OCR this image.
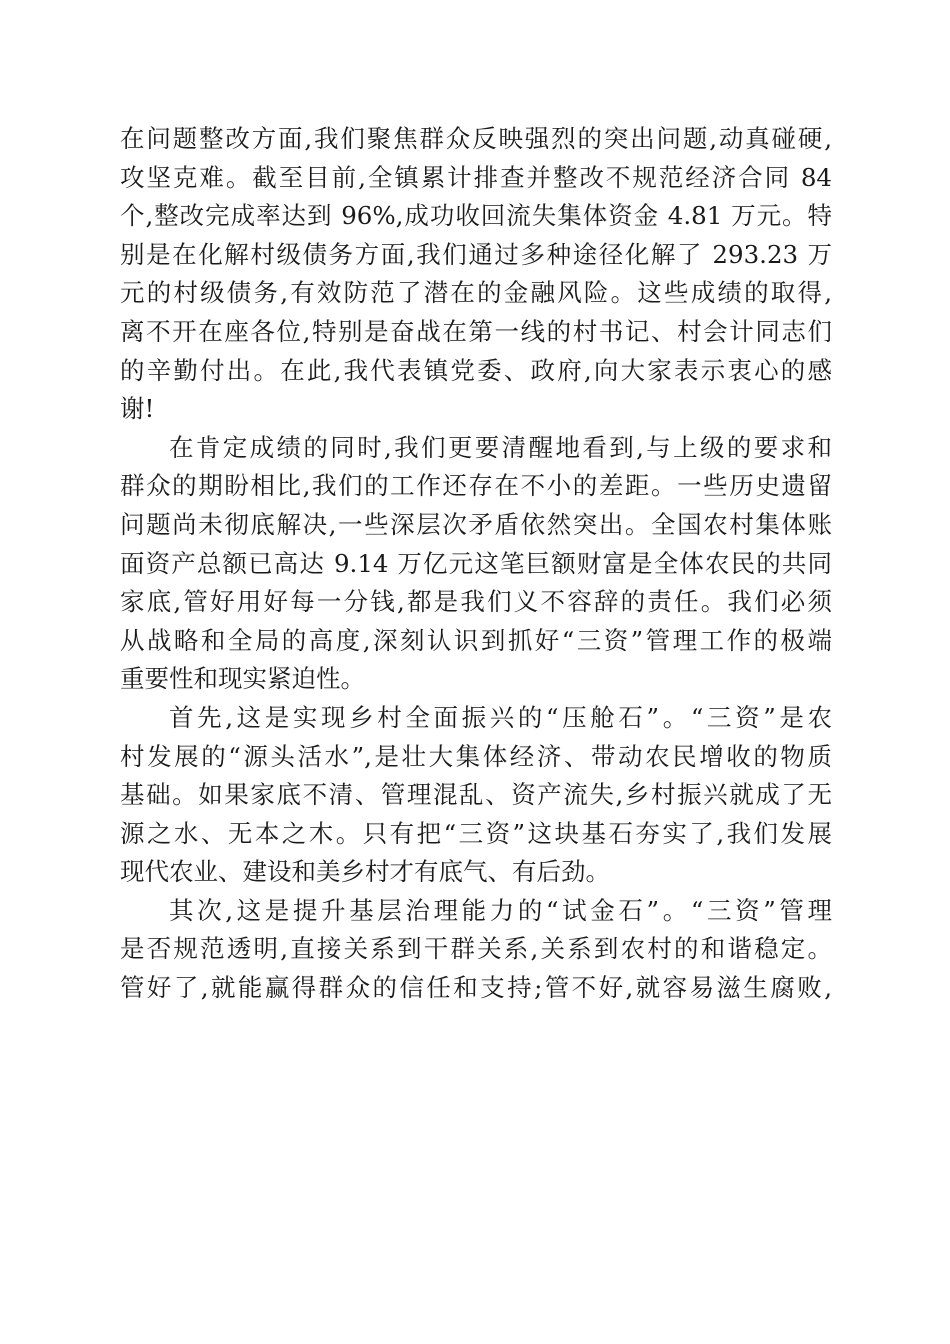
在问题整改方面,我们聚焦群众反映强烈的突出问题,动真碰硬,
攻坚克难。截至目前,全镇累计排查并整改不规范经济合同 84
个,整改完成率达到 96%,成功收回流失集体资金 4.81 万元。特
别是在化解村级债务方面,我们通过多种途径化解了 293.23 万
元的村级债务,有效防范了潜在的金融风险。这些成绩的取得,
离不开在座各位,特别是奋战在第一线的村书记、村会计同志们
的辛勤付出。在此,我代表镇党委、政府,向大家表示衷心的感
谢!
在肯定成绩的同时,我们更要清醒地看到,与上级的要求和
群众的期盼相比,我们的工作还存在不小的差距。一些历史遗留
问题尚未彻底解决,一些深层次矛盾依然突出。全国农村集体账
面资产总额已高达 9.14 万亿元这笔巨额财富是全体农民的共同
家底,管好用好每一分钱,都是我们义不容辞的责任。我们必须
从战略和全局的高度,深刻认识到抓好“三资”管理工作的极端
重要性和现实紧迫性。
首先,这是实现乡村全面振兴的“压舱石”。“三资”是农
村发展的“源头活水”,是壮大集体经济、带动农民增收的物质
基础。如果家底不清、管理混乱、资产流失,乡村振兴就成了无
源之水、无本之木。只有把“三资”这块基石夯实了,我们发展
现代农业、建设和美乡村才有底气、有后劲。
其次,这是提升基层治理能力的“试金石”。“三资”管理
是否规范透明,直接关系到干群关系,关系到农村的和谐稳定。
管好了,就能赢得群众的信任和支持;管不好,就容易滋生腐败,
